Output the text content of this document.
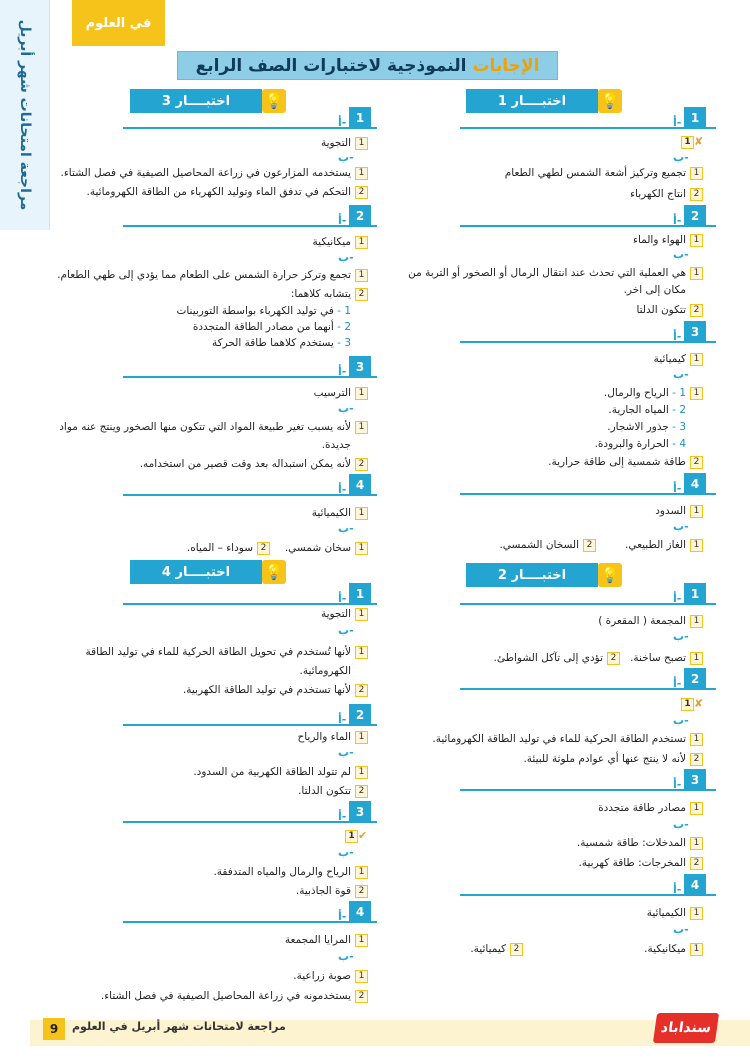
مراجعة امتحانات شهر أبريل	في العلوم
الإجابات
النموذجية لاختبارات الصف الرابع
💡
اختبــــار 1
1
أ-
1 ✘
ب-
1تجميع وتركيز أشعة الشمس لطهي الطعام
2انتاج الكهرباء
2
أ-
1الهواء والماء
ب-
1هي العملية التي تحدث عند انتقال الرمال أو الصخور أو التربة من
مكان إلى اخر.
2تتكون الدلتا
3
أ-
1كيميائية
ب-
11 - الرياح والرمال.
2 - المياه الجارية.
3 - جذور الاشجار.
4 - الحرارة والبرودة.
2طاقة شمسية إلى طاقة حرارية.
4
أ-
1السدود
ب-
1الغاز الطبيعي.
2السخان الشمسي.
💡
اختبــــار 2
1
أ-
1المجمعة ( المقعرة )
ب-
1تصبح ساخنة.
2تؤدي إلى تآكل الشواطئ.
2
أ-
1 ✘
ب-
1تستخدم الطاقة الحركية للماء في توليد الطاقة الكهرومائية.
2لأنه لا ينتج عنها أي عوادم ملوثة للبيئة.
3
أ-
1مصادر طاقة متجددة
ب-
1المدخلات: طاقة شمسية.
2المخرجات: طاقة كهربية.
4
أ-
1الكيميائية
ب-
1ميكانيكية.
2كيميائية.
💡
اختبــــار 3
1
أ-
1التجوية
ب-
1يستخدمه المزارعون في زراعة المحاصيل الصيفية في فصل الشتاء.
2التحكم في تدفق الماء وتوليد الكهرباء من الطاقة الكهرومائية.
2
أ-
1ميكانيكية
ب-
1تجمع وتركز حرارة الشمس على الطعام مما يؤدي إلى طهي الطعام.
2يتشابه كلاهما:
1 - في توليد الكهرباء بواسطة التوربينات
2 - أنهما من مصادر الطاقة المتجددة
3 - يستخدم كلاهما طاقة الحركة
3
أ-
1الترسيب
ب-
1لأنه يسبب تغير طبيعة المواد التي تتكون منها الصخور وينتج عنه مواد
جديدة.
2لأنه يمكن استبداله بعد وقت قصير من استخدامه.
4
أ-
1الكيميائية
ب-
1سخان شمسي.
2سوداء – المياه.
💡
اختبــــار 4
1
أ-
1التجوية
ب-
1لأنها تُستخدم في تحويل الطاقة الحركية للماء في توليد الطاقة
الكهرومائية.
2لأنها تستخدم في توليد الطاقة الكهربية.
2
أ-
1الماء والرياح
ب-
1لم تتولد الطاقة الكهربية من السدود.
2تتكون الدلتا.
3
أ-
1 ✔
ب-
1الرياح والرمال والمياه المتدفقة.
2قوة الجاذبية.
4
أ-
1المرايا المجمعة
ب-
1صوبة زراعية.
2يستخدمونه في زراعة المحاصيل الصيفية في فصل الشتاء.
9	مراجعة لامتحانات شهر أبريل في العلوم	سنداباد
